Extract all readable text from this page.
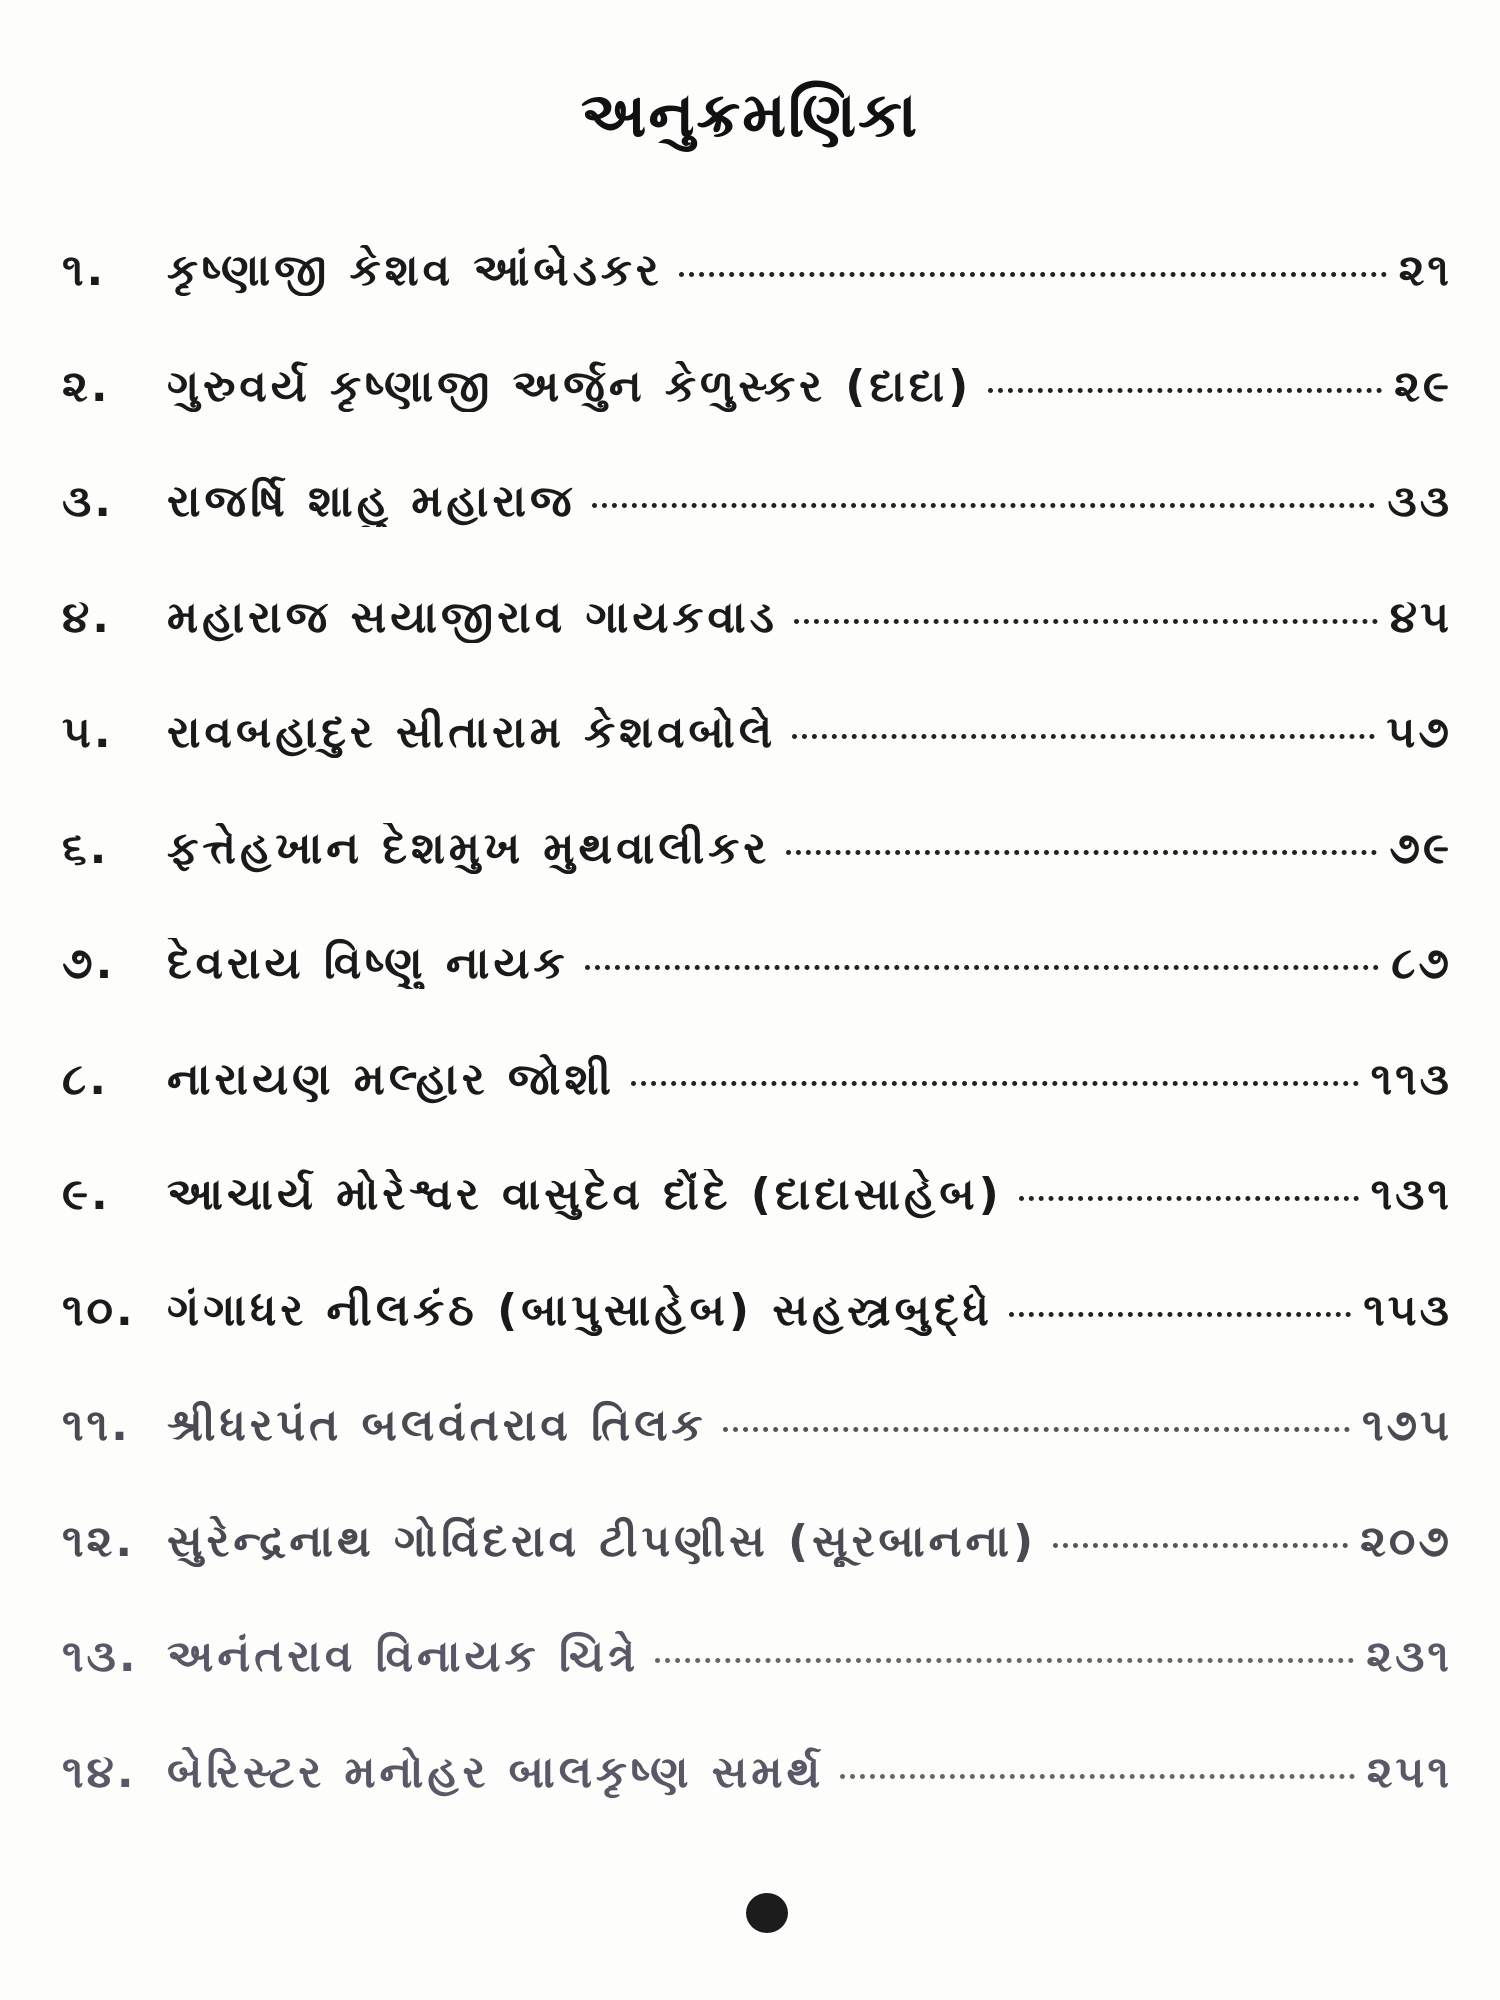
અનુક્રમણિકા
૧.	કૃષ્ણાજી કેશવ આંબેડકર	૨૧
૨.	ગુરુવર્ય કૃષ્ણાજી અર્જુન કેળુસ્કર (દાદા)	૨૯
૩.	રાજર્ષિ શાહુ મહારાજ	૩૩
૪.	મહારાજ સયાજીરાવ ગાયકવાડ	૪૫
૫.	રાવબહાદુર સીતારામ કેશવબોલે	૫૭
૬.	ફત્તેહખાન દેશમુખ મુથવાલીકર	૭૯
૭.	દેવરાય વિષ્ણુ નાયક	૮૭
૮.	નારાયણ મલ્હાર જોશી	૧૧૩
૯.	આચાર્ય મોરેશ્વર વાસુદેવ દોંદે (દાદાસાહેબ)	૧૩૧
૧૦. ગંગાધર નીલકંઠ (બાપુસાહેબ) સહસ્ત્રબુદ્ધે	૧૫૩
૧૧. શ્રીધરપંત બલવંતરાવ તિલક	૧૭૫
૧૨. સુરેન્દ્રનાથ ગોવિંદરાવ ટીપણીસ (સૂરબાનના)	૨૦૭
૧૩. અનંતરાવ વિનાયક ચિત્રે	૨૩૧
૧૪. બેરિસ્ટર મનોહર બાલકૃષ્ણ સમર્થ	૨૫૧
